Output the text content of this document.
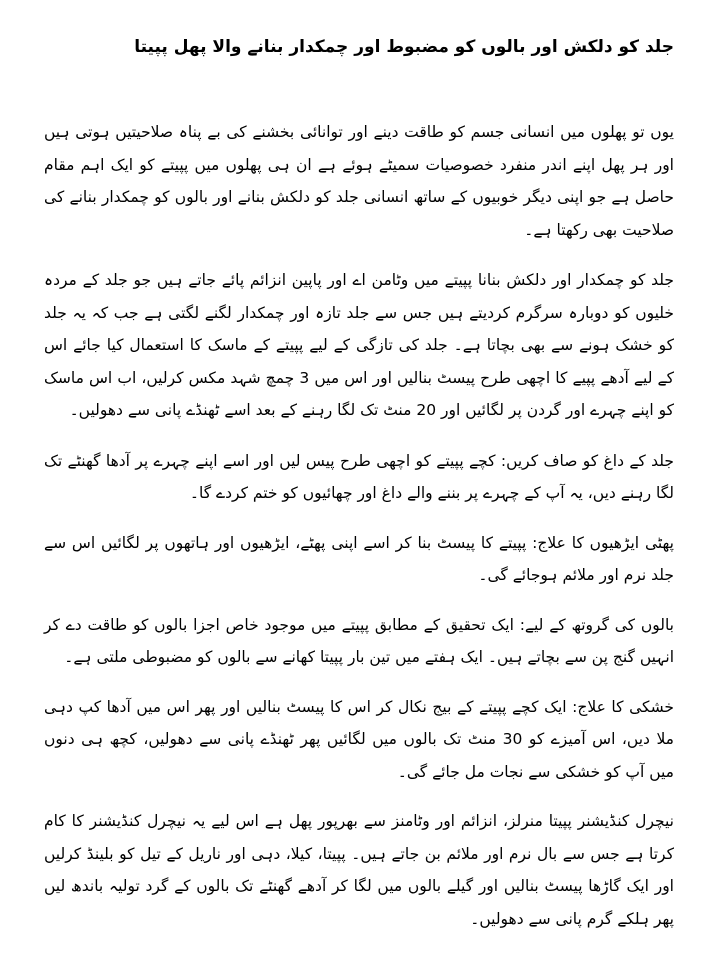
جلد کو دلکش اور بالوں کو مضبوط اور چمکدار بنانے والا پھل پپیتا

یوں تو پھلوں میں انسانی جسم کو طاقت دینے اور توانائی بخشنے کی بے پناہ صلاحیتیں ہوتی ہیں اور ہر پھل اپنے اندر منفرد خصوصیات سمیٹے ہوئے ہے ان ہی پھلوں میں پپیتے کو ایک اہم مقام حاصل ہے جو اپنی دیگر خوبیوں کے ساتھ انسانی جلد کو دلکش بنانے اور بالوں کو چمکدار بنانے کی صلاحیت بھی رکھتا ہے۔

جلد کو چمکدار اور دلکش بنانا پپیتے میں وٹامن اے اور پاپین انزائم پائے جاتے ہیں جو جلد کے مردہ خلیوں کو دوبارہ سرگرم کردیتے ہیں جس سے جلد تازہ اور چمکدار لگنے لگتی ہے جب کہ یہ جلد کو خشک ہونے سے بھی بچاتا ہے۔ جلد کی تازگی کے لیے پپیتے کے ماسک کا استعمال کیا جائے اس کے لیے آدھے پپیے کا اچھی طرح پیسٹ بنالیں اور اس میں 3 چمچ شہد مکس کرلیں، اب اس ماسک کو اپنے چہرے اور گردن پر لگائیں اور 20 منٹ تک لگا رہنے کے بعد اسے ٹھنڈے پانی سے دھولیں۔

جلد کے داغ کو صاف کریں: کچے پپیتے کو اچھی طرح پیس لیں اور اسے اپنے چہرے پر آدھا گھنٹے تک لگا رہنے دیں، یہ آپ کے چہرے پر بننے والے داغ اور چھائیوں کو ختم کردے گا۔

پھٹی ایڑھیوں کا علاج: پپیتے کا پیسٹ بنا کر اسے اپنی پھٹے، ایڑھیوں اور ہاتھوں پر لگائیں اس سے جلد نرم اور ملائم ہوجائے گی۔

بالوں کی گروتھ کے لیے: ایک تحقیق کے مطابق پپیتے میں موجود خاص اجزا بالوں کو طاقت دے کر انہیں گنج پن سے بچاتے ہیں۔ ایک ہفتے میں تین بار پپیتا کھانے سے بالوں کو مضبوطی ملتی ہے۔

خشکی کا علاج: ایک کچے پپیتے کے بیج نکال کر اس کا پیسٹ بنالیں اور پھر اس میں آدھا کپ دہی ملا دیں، اس آمیزے کو 30 منٹ تک بالوں میں لگائیں پھر ٹھنڈے پانی سے دھولیں، کچھ ہی دنوں میں آپ کو خشکی سے نجات مل جائے گی۔

نیچرل کنڈیشنر پپیتا منرلز، انزائم اور وٹامنز سے بھرپور پھل ہے اس لیے یہ نیچرل کنڈیشنر کا کام کرتا ہے جس سے بال نرم اور ملائم بن جاتے ہیں۔ پپیتا، کیلا، دہی اور ناریل کے تیل کو بلینڈ کرلیں اور ایک گاڑھا پیسٹ بنالیں اور گیلے بالوں میں لگا کر آدھے گھنٹے تک بالوں کے گرد تولیہ باندھ لیں پھر ہلکے گرم پانی سے دھولیں۔
